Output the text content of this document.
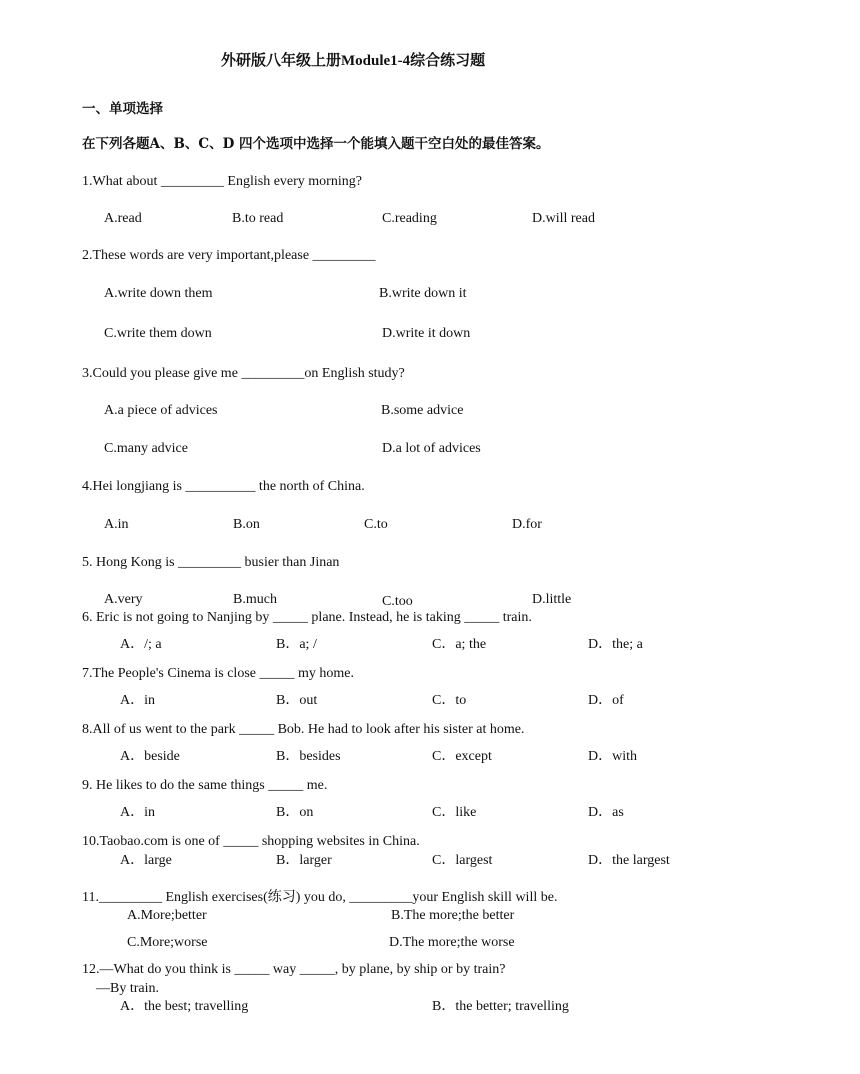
外研版八年级上册Module1-4综合练习题
一、单项选择
在下列各题A、B、C、D 四个选项中选择一个能填入题干空白处的最佳答案。
1.What about _________ English every morning?
A.read	B.to read	C.reading	D.will read
2.These words are very important,please _________
A.write down them	B.write down it
C.write them down	D.write it down
3.Could you please give me _________on English study?
A.a piece of advices	B.some advice
C.many advice	D.a lot of advices
4.Hei longjiang is __________ the north of China.
A.in	B.on	C.to	D.for
5. Hong Kong is _________ busier than Jinan
A.very	B.much	C.too	D.little
6. Eric is not going to Nanjing by _____ plane. Instead, he is taking _____ train.
A．/; a	B．a; /	C．a; the	D．the; a
7.The People's Cinema is close _____ my home.
A．in	B．out	C．to	D．of
8.All of us went to the park _____ Bob. He had to look after his sister at home.
A．beside	B．besides	C．except	D．with
9. He likes to do the same things _____ me.
A．in	B．on	C．like	D．as
10.Taobao.com is one of _____ shopping websites in China.
A．large	B．larger	C．largest	D．the largest
11._________ English exercises(练习) you do, _________your English skill will be.
A.More;better	B.The more;the better
C.More;worse	D.The more;the worse
12.—What do you think is _____ way _____, by plane, by ship or by train?
—By train.
A．the best; travelling	B．the better; travelling
